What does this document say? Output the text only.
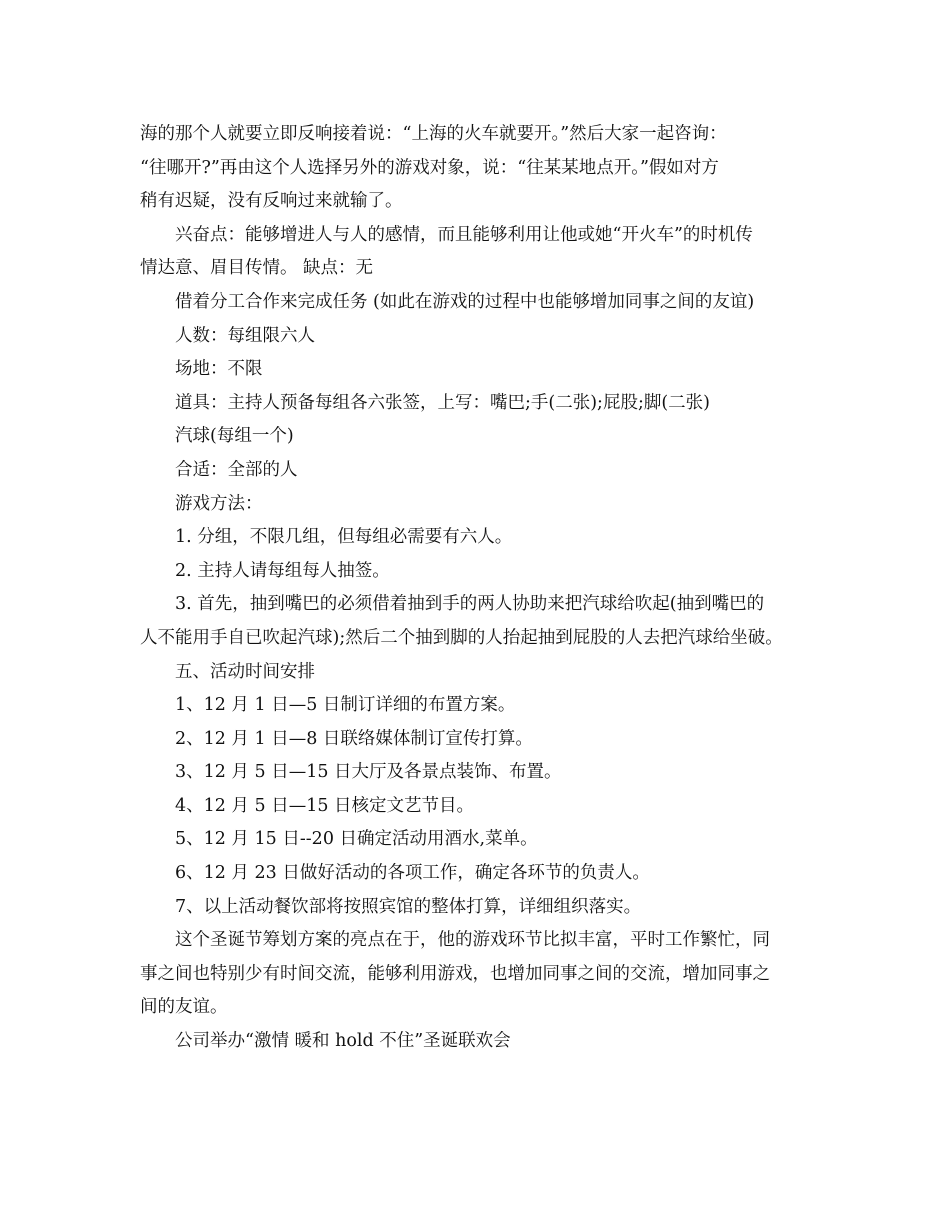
海的那个人就要立即反响接着说：“上海的火车就要开。”然后大家一起咨询：
“往哪开?”再由这个人选择另外的游戏对象，说：“往某某地点开。”假如对方
稍有迟疑，没有反响过来就输了。
兴奋点：能够增进人与人的感情，而且能够利用让他或她“开火车”的时机传
情达意、眉目传情。 缺点：无
借着分工合作来完成任务 (如此在游戏的过程中也能够增加同事之间的友谊)
人数：每组限六人
场地：不限
道具：主持人预备每组各六张签，上写：嘴巴;手(二张);屁股;脚(二张)
汽球(每组一个)
合适：全部的人
游戏方法：
1. 分组，不限几组，但每组必需要有六人。
2. 主持人请每组每人抽签。
3. 首先，抽到嘴巴的必须借着抽到手的两人协助来把汽球给吹起(抽到嘴巴的
人不能用手自已吹起汽球);然后二个抽到脚的人抬起抽到屁股的人去把汽球给坐破。
五、活动时间安排
1、12 月 1 日—5 日制订详细的布置方案。
2、12 月 1 日—8 日联络媒体制订宣传打算。
3、12 月 5 日—15 日大厅及各景点装饰、布置。
4、12 月 5 日—15 日核定文艺节目。
5、12 月 15 日--20 日确定活动用酒水,菜单。
6、12 月 23 日做好活动的各项工作，确定各环节的负责人。
7、以上活动餐饮部将按照宾馆的整体打算，详细组织落实。
这个圣诞节筹划方案的亮点在于，他的游戏环节比拟丰富，平时工作繁忙，同
事之间也特别少有时间交流，能够利用游戏，也增加同事之间的交流，增加同事之
间的友谊。
公司举办“激情 暖和 hold 不住”圣诞联欢会
